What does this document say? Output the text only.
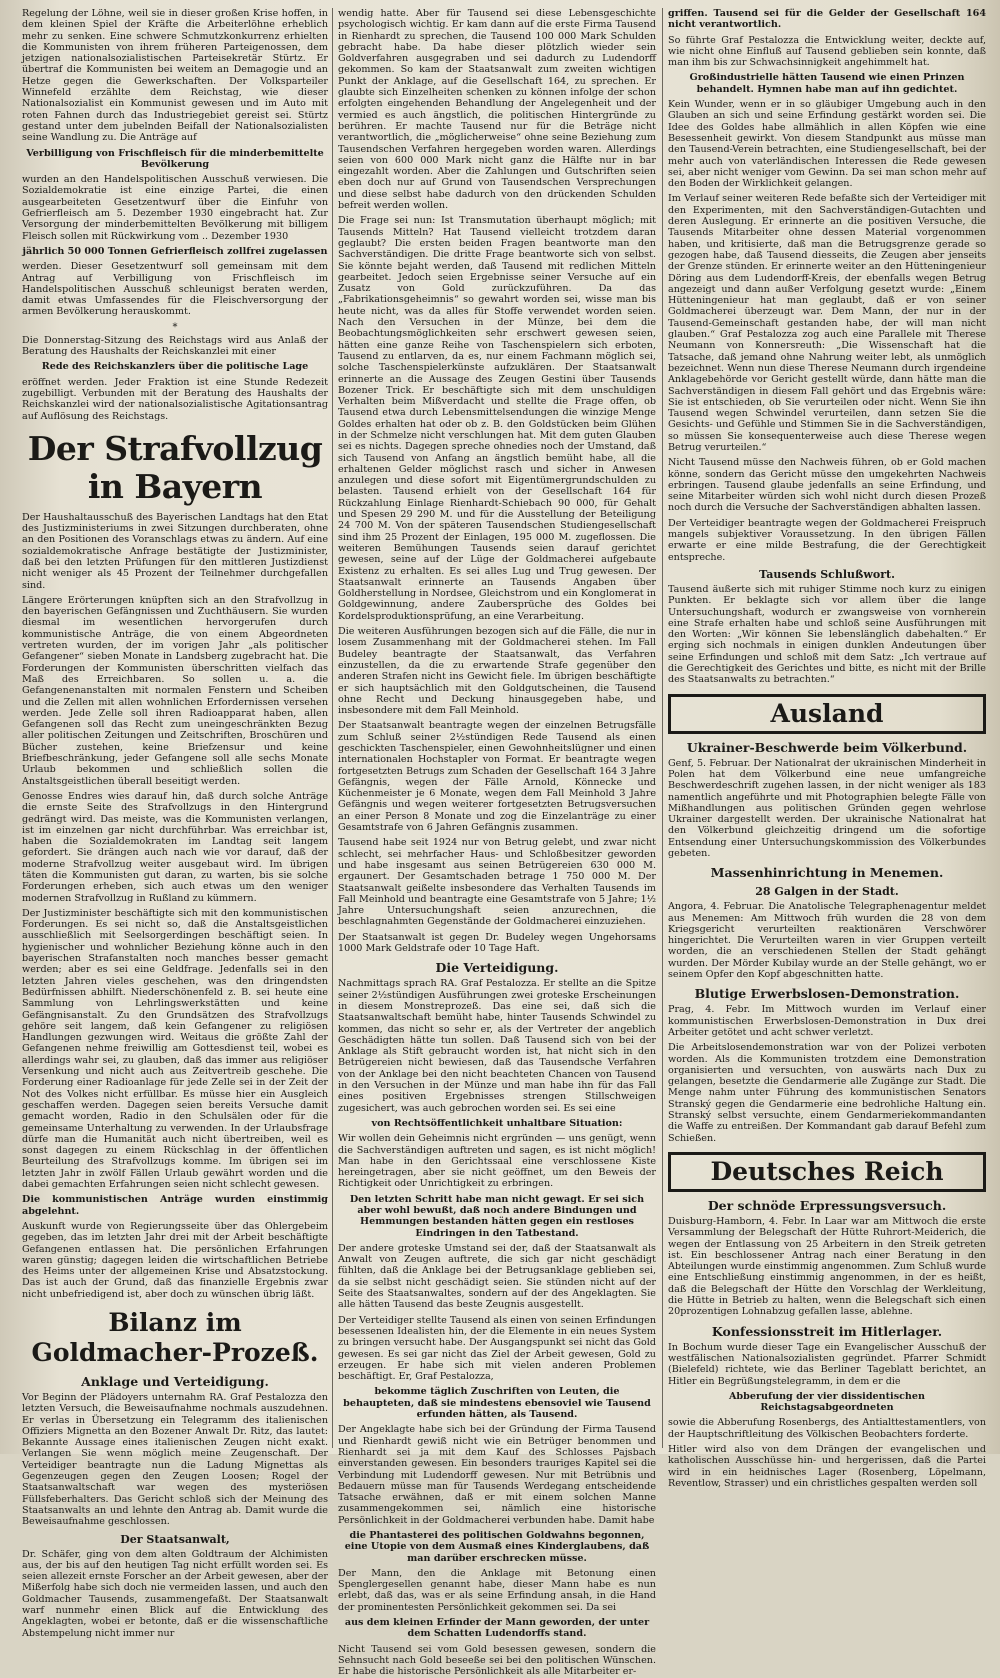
Regelung der Löhne, weil sie in dieser großen Krise hoffen, in dem kleinen Spiel der Kräfte die Arbeiterlöhne erheblich mehr zu senken. Eine schwere Schmutzkonkurrenz erhielten die Kommunisten von ihrem früheren Parteigenossen, dem jetzigen nationalsozialistischen Parteisekretär Stürtz. Er übertraf die Kommunisten bei weitem an Demagogie und an Hetze gegen die Gewerkschaften. Der Volksparteiler Winnefeld erzählte dem Reichstag, wie dieser Nationalsozialist ein Kommunist gewesen und im Auto mit roten Fahnen durch das Industriegebiet gereist sei. Stürtz gestand unter dem jubelnden Beifall der Nationalsozialisten seine Wandlung zu. Die Anträge auf

Verbilligung von Frischfleisch für die minderbemittelte Bevölkerung

wurden an den Handelspolitischen Ausschuß verwiesen. Die Sozialdemokratie ist eine einzige Partei, die einen ausgearbeiteten Gesetzentwurf über die Einfuhr von Gefrierfleisch am 5. Dezember 1930 eingebracht hat. Zur Versorgung der minderbemittelten Bevölkerung mit billigem Fleisch sollen mit Rückwirkung vom .. Dezember 1930

jährlich 50 000 Tonnen Gefrierfleisch zollfrei zugelassen

werden. Dieser Gesetzentwurf soll gemeinsam mit dem Antrag auf Verbilligung von Frischfleisch im Handelspolitischen Ausschuß schleunigst beraten werden, damit etwas Umfassendes für die Fleischversorgung der armen Bevölkerung herauskommt.

*

Die Donnerstag-Sitzung des Reichstags wird aus Anlaß der Beratung des Haushalts der Reichskanzlei mit einer

Rede des Reichskanzlers über die politische Lage

eröffnet werden. Jeder Fraktion ist eine Stunde Redezeit zugebilligt. Verbunden mit der Beratung des Haushalts der Reichskanzlei wird der nationalsozialistische Agitationsantrag auf Auflösung des Reichstags.

Der Strafvollzug in Bayern

Der Haushaltausschuß des Bayerischen Landtags hat den Etat des Justizministeriums in zwei Sitzungen durchberaten, ohne an den Positionen des Voranschlags etwas zu ändern. Auf eine sozialdemokratische Anfrage bestätigte der Justizminister, daß bei den letzten Prüfungen für den mittleren Justizdienst nicht weniger als 45 Prozent der Teilnehmer durchgefallen sind.

Längere Erörterungen knüpften sich an den Strafvollzug in den bayerischen Gefängnissen und Zuchthäusern. Sie wurden diesmal im wesentlichen hervorgerufen durch kommunistische Anträge, die von einem Abgeordneten vertreten wurden, der im vorigen Jahr „als politischer Gefangener“ sieben Monate in Landsberg zugebracht hat. Die Forderungen der Kommunisten überschritten vielfach das Maß des Erreichbaren. So sollen u. a. die Gefangenenanstalten mit normalen Fenstern und Scheiben und die Zellen mit allen wohnlichen Erfordernissen versehen werden. Jede Zelle soll ihren Radioapparat haben, allen Gefangenen soll das Recht zum uneingeschränkten Bezug aller politischen Zeitungen und Zeitschriften, Broschüren und Bücher zustehen, keine Briefzensur und keine Briefbeschränkung, jeder Gefangene soll alle sechs Monate Urlaub bekommen und schließlich sollen die Anstaltsgeistlichen überall beseitigt werden.

Genosse Endres wies darauf hin, daß durch solche Anträge die ernste Seite des Strafvollzugs in den Hintergrund gedrängt wird. Das meiste, was die Kommunisten verlangen, ist im einzelnen gar nicht durchführbar. Was erreichbar ist, haben die Sozialdemokraten im Landtag seit langem gefordert. Sie drängen auch nach wie vor darauf, daß der moderne Strafvollzug weiter ausgebaut wird. Im übrigen täten die Kommunisten gut daran, zu warten, bis sie solche Forderungen erheben, sich auch etwas um den weniger modernen Strafvollzug in Rußland zu kümmern.

Der Justizminister beschäftigte sich mit den kommunistischen Forderungen. Es sei nicht so, daß die Anstaltsgeistlichen ausschließlich mit Seelsorgerdingen beschäftigt seien. In hygienischer und wohnlicher Beziehung könne auch in den bayerischen Strafanstalten noch manches besser gemacht werden; aber es sei eine Geldfrage. Jedenfalls sei in den letzten Jahren vieles geschehen, was den dringendsten Bedürfnissen abhilft. Niederschönenfeld z. B. sei heute eine Sammlung von Lehrlingswerkstätten und keine Gefängnisanstalt. Zu den Grundsätzen des Strafvollzugs gehöre seit langem, daß kein Gefangener zu religiösen Handlungen gezwungen wird. Weitaus die größte Zahl der Gefangenen nehme freiwillig am Gottesdienst teil, wobei es allerdings wahr sei, zu glauben, daß das immer aus religiöser Versenkung und nicht auch aus Zeitvertreib geschehe. Die Forderung einer Radioanlage für jede Zelle sei in der Zeit der Not des Volkes nicht erfüllbar. Es müsse hier ein Ausgleich geschaffen werden. Dagegen seien bereits Versuche damit gemacht worden, Radio in den Schulsälen oder für die gemeinsame Unterhaltung zu verwenden. In der Urlaubsfrage dürfe man die Humanität auch nicht übertreiben, weil es sonst dagegen zu einem Rückschlag in der öffentlichen Beurteilung des Strafvollzugs komme. Im übrigen sei im letzten Jahr in zwölf Fällen Urlaub gewährt worden und die dabei gemachten Erfahrungen seien nicht schlecht gewesen.

Die kommunistischen Anträge wurden einstimmig abgelehnt.

Auskunft wurde von Regierungsseite über das Ohlergebeim gegeben, das im letzten Jahr drei mit der Arbeit beschäftigte Gefangenen entlassen hat. Die persönlichen Erfahrungen waren günstig; dagegen leiden die wirtschaftlichen Betriebe des Heims unter der allgemeinen Krise und Absatzstockung. Das ist auch der Grund, daß das finanzielle Ergebnis zwar nicht unbefriedigend ist, aber doch zu wünschen übrig läßt.

Bilanz im Goldmacher-Prozeß.
Anklage und Verteidigung.

Vor Beginn der Plädoyers unternahm RA. Graf Pestalozza den letzten Versuch, die Beweisaufnahme nochmals auszudehnen. Er verlas in Übersetzung ein Telegramm des italienischen Offiziers Mignetta an den Bozener Anwalt Dr. Ritz, das lautet: Bekannte Aussage eines italienischen Zeugen nicht exakt. Verlangen Sie wenn möglich meine Zeugenschaft. Der Verteidiger beantragte nun die Ladung Mignettas als Gegenzeugen gegen den Zeugen Loosen; Rogel der Staatsanwaltschaft war wegen des mysteriösen Füllsfeberhalters. Das Gericht schloß sich der Meinung des Staatsanwalts an und lehnte den Antrag ab. Damit wurde die Beweisaufnahme geschlossen.

Der Staatsanwalt,

Dr. Schäfer, ging von dem alten Goldtraum der Alchimisten aus, der bis auf den heutigen Tag nicht erfüllt worden sei. Es seien allezeit ernste Forscher an der Arbeit gewesen, aber der Mißerfolg habe sich doch nie vermeiden lassen, und auch den Goldmacher Tausends, zusammengefaßt. Der Staatsanwalt warf nunmehr einen Blick auf die Entwicklung des Angeklagten, wobei er betonte, daß er die wissenschaftliche Abstempelung nicht immer nur

wendig hatte. Aber für Tausend sei diese Lebensgeschichte psychologisch wichtig. Er kam dann auf die erste Firma Tausend in Rienhardt zu sprechen, die Tausend 100 000 Mark Schulden gebracht habe. Da habe dieser plötzlich wieder sein Goldverfahren ausgegraben und sei dadurch zu Ludendorff gekommen. So kam der Staatsanwalt zum zweiten wichtigen Punkt der Anklage, auf die Gesellschaft 164, zu sprechen. Er glaubte sich Einzelheiten schenken zu können infolge der schon erfolgten eingehenden Behandlung der Angelegenheit und der vermied es auch ängstlich, die politischen Hintergründe zu berühren. Er machte Tausend nur für die Beträge nicht verantwortlich, die „möglicherweise“ ohne seine Beziehung zum Tausendschen Verfahren hergegeben worden waren. Allerdings seien von 600 000 Mark nicht ganz die Hälfte nur in bar eingezahlt worden. Aber die Zahlungen und Gutschriften seien eben doch nur auf Grund von Tausendschen Versprechungen und diese selbst habe dadurch von den drückenden Schulden befreit werden wollen.

Die Frage sei nun: Ist Transmutation überhaupt möglich; mit Tausends Mitteln? Hat Tausend vielleicht trotzdem daran geglaubt? Die ersten beiden Fragen beantworte man den Sachverständigen. Die dritte Frage beantworte sich von selbst. Sie könnte bejaht werden, daß Tausend mit redlichen Mitteln gearbeitet. Jedoch seien Ergebnisse seiner Versuche auf ein Zusatz von Gold zurückzuführen. Da das „Fabrikationsgeheimnis“ so gewahrt worden sei, wisse man bis heute nicht, was da alles für Stoffe verwendet worden seien. Nach den Versuchen in der Münze, bei dem die Beobachtungsmöglichkeiten sehr erschwert gewesen seien, hätten eine ganze Reihe von Taschenspielern sich erboten, Tausend zu entlarven, da es, nur einem Fachmann möglich sei, solche Taschenspielerkünste aufzuklären. Der Staatsanwalt erinnerte an die Aussage des Zeugen Gestini über Tausends Bozener Trick. Er beschäftigte sich mit dem unschuldigen Verhalten beim Mißverdacht und stellte die Frage offen, ob Tausend etwa durch Lebensmittelsendungen die winzige Menge Goldes erhalten hat oder ob z. B. den Goldstücken beim Glühen in der Schmelze nicht verschlungen hat. Mit dem guten Glauben sei es nichts. Dagegen spreche ohnedies noch der Umstand, daß sich Tausend von Anfang an ängstlich bemüht habe, all die erhaltenen Gelder möglichst rasch und sicher in Anwesen anzulegen und diese sofort mit Eigentümergrundschulden zu belasten. Tausend erhielt von der Gesellschaft 164 für Rückzahlung Einlage Rienhardt-Schiebach 90 000, für Gehalt und Spesen 29 290 M. und für die Ausstellung der Beteiligung 24 700 M. Von der späteren Tausendschen Studiengesellschaft sind ihm 25 Prozent der Einlagen, 195 000 M. zugeflossen. Die weiteren Bemühungen Tausends seien darauf gerichtet gewesen, seine auf der Lüge der Goldmacherei aufgebaute Existenz zu erhalten. Es sei alles Lug und Trug gewesen. Der Staatsanwalt erinnerte an Tausends Angaben über Goldherstellung in Nordsee, Gleichstrom und ein Konglomerat in Goldgewinnung, andere Zaubersprüche des Goldes bei Kordelsproduktionsprüfung, an eine Verarbeitung.

Die weiteren Ausführungen bezogen sich auf die Fälle, die nur in losem Zusammenhang mit der Goldmacherei stehen. Im Fall Budeley beantragte der Staatsanwalt, das Verfahren einzustellen, da die zu erwartende Strafe gegenüber den anderen Strafen nicht ins Gewicht fiele. Im übrigen beschäftigte er sich hauptsächlich mit den Goldgutscheinen, die Tausend ohne Recht und Deckung hinausgegeben habe, und insbesondere mit dem Fall Meinhold.

Der Staatsanwalt beantragte wegen der einzelnen Betrugsfälle zum Schluß seiner 2½stündigen Rede Tausend als einen geschickten Taschenspieler, einen Gewohnheitslügner und einen internationalen Hochstapler von Format. Er beantragte wegen fortgesetzten Betrugs zum Schaden der Gesellschaft 164 3 Jahre Gefängnis, wegen der Fälle Arnold, Könnecke und Küchenmeister je 6 Monate, wegen dem Fall Meinhold 3 Jahre Gefängnis und wegen weiterer fortgesetzten Betrugsversuchen an einer Person 8 Monate und zog die Einzelanträge zu einer Gesamtstrafe von 6 Jahren Gefängnis zusammen.

Tausend habe seit 1924 nur von Betrug gelebt, und zwar nicht schlecht, sei mehrfacher Haus- und Schloßbesitzer geworden und habe insgesamt aus seinen Betrügereien 630 000 M. ergaunert. Der Gesamtschaden betrage 1 750 000 M. Der Staatsanwalt geißelte insbesondere das Verhalten Tausends im Fall Meinhold und beantragte eine Gesamtstrafe von 5 Jahre; 1½ Jahre Untersuchungshaft seien anzurechnen, die beschlagnahmten Gegenstände der Goldmacherei einzuziehen.

Der Staatsanwalt ist gegen Dr. Budeley wegen Ungehorsams 1000 Mark Geldstrafe oder 10 Tage Haft.

Die Verteidigung.

Nachmittags sprach RA. Graf Pestalozza. Er stellte an die Spitze seiner 2½stündigen Ausführungen zwei groteske Erscheinungen in diesem Monstreprozeß. Das eine sei, daß sich die Staatsanwaltschaft bemüht habe, hinter Tausends Schwindel zu kommen, das nicht so sehr er, als der Vertreter der angeblich Geschädigten hätte tun sollen. Daß Tausend sich von bei der Anklage als Stift gebraucht worden ist, hat nicht sich in den Betrügereien nicht bewiesen, daß das Tausendsche Verfahren von der Anklage bei den nicht beachteten Chancen von Tausend in den Versuchen in der Münze und man habe ihn für das Fall eines positiven Ergebnisses strengen Stillschweigen zugesichert, was auch gebrochen worden sei. Es sei eine

von Rechtsöffentlichkeit unhaltbare Situation:

Wir wollen dein Geheimnis nicht ergründen — uns genügt, wenn die Sachverständigen auftreten und sagen, es ist nicht möglich! Man habe in den Gerichtssaal eine verschlossene Kiste hereingetragen, aber sie nicht geöffnet, um den Beweis der Richtigkeit oder Unrichtigkeit zu erbringen.

Den letzten Schritt habe man nicht gewagt. Er sei sich aber wohl bewußt, daß noch andere Bindungen und Hemmungen bestanden hätten gegen ein restloses Eindringen in den Tatbestand.

Der andere groteske Umstand sei der, daß der Staatsanwalt als Anwalt von Zeugen auftrete, die sich gar nicht geschädigt fühlten, daß die Anklage bei der Betrugsanklage geblieben sei, da sie selbst nicht geschädigt seien. Sie stünden nicht auf der Seite des Staatsanwaltes, sondern auf der des Angeklagten. Sie alle hätten Tausend das beste Zeugnis ausgestellt.

Der Verteidiger stellte Tausend als einen von seinen Erfindungen besessenen Idealisten hin, der die Elemente in ein neues System zu bringen versucht habe. Der Ausgangspunkt sei nicht das Gold gewesen. Es sei gar nicht das Ziel der Arbeit gewesen, Gold zu erzeugen. Er habe sich mit vielen anderen Problemen beschäftigt. Er, Graf Pestalozza,

bekomme täglich Zuschriften von Leuten, die behaupteten, daß sie mindestens ebensoviel wie Tausend erfunden hätten, als Tausend.

Der Angeklagte habe sich bei der Gründung der Firma Tausend und Rienhardt gewiß nicht wie ein Betrüger benommen und Rienhardt sei ja mit dem Kauf des Schlosses Pajsbach einverstanden gewesen. Ein besonders trauriges Kapitel sei die Verbindung mit Ludendorff gewesen. Nur mit Betrübnis und Bedauern müsse man für Tausends Werdegang entscheidende Tatsache erwähnen, daß er mit einem solchen Manne zusammengekommen sei, nämlich eine historische Persönlichkeit in der Goldmacherei verbunden habe. Damit habe

die Phantasterei des politischen Goldwahns begonnen, eine Utopie von dem Ausmaß eines Kinderglaubens, daß man darüber erschrecken müsse.

Der Mann, den die Anklage mit Betonung einen Spenglergesellen genannt habe, dieser Mann habe es nun erlebt, daß das, was er als seine Erfindung ansah, in die Hand der prominentesten Persönlichkeit gekommen sei. Da sei

aus dem kleinen Erfinder der Mann geworden, der unter dem Schatten Ludendorffs stand.

Nicht Tausend sei vom Gold besessen gewesen, sondern die Sehnsucht nach Gold beseeße sei bei den politischen Wünschen. Er habe die historische Persönlichkeit als alle Mitarbeiter er-

griffen. Tausend sei für die Gelder der Gesellschaft 164 nicht verantwortlich.

So führte Graf Pestalozza die Entwicklung weiter, deckte auf, wie nicht ohne Einfluß auf Tausend geblieben sein konnte, daß man ihm bis zur Schwachsinnigkeit angehimmelt hat.

Großindustrielle hätten Tausend wie einen Prinzen behandelt. Hymnen habe man auf ihn gedichtet.

Kein Wunder, wenn er in so gläubiger Umgebung auch in den Glauben an sich und seine Erfindung gestärkt worden sei. Die Idee des Goldes habe allmählich in allen Köpfen wie eine Besessenheit gewirkt. Von diesem Standpunkt aus müsse man den Tausend-Verein betrachten, eine Studiengesellschaft, bei der mehr auch von vaterländischen Interessen die Rede gewesen sei, aber nicht weniger vom Gewinn. Da sei man schon mehr auf den Boden der Wirklichkeit gelangen.

Im Verlauf seiner weiteren Rede befaßte sich der Verteidiger mit den Experimenten, mit den Sachverständigen-Gutachten und deren Auslegung. Er erinnerte an die positiven Versuche, die Tausends Mitarbeiter ohne dessen Material vorgenommen haben, und kritisierte, daß man die Betrugsgrenze gerade so gezogen habe, daß Tausend diesseits, die Zeugen aber jenseits der Grenze stünden. Er erinnerte weiter an den Hütteningenieur Döring aus dem Ludendorff-Kreis, der ebenfalls wegen Betrug angezeigt und dann außer Verfolgung gesetzt wurde: „Einem Hütteningenieur hat man geglaubt, daß er von seiner Goldmacherei überzeugt war. Dem Mann, der nur in der Tausend-Gemeinschaft gestanden habe, der will man nicht glauben.“ Graf Pestalozza zog auch eine Parallele mit Therese Neumann von Konnersreuth: „Die Wissenschaft hat die Tatsache, daß jemand ohne Nahrung weiter lebt, als unmöglich bezeichnet. Wenn nun diese Therese Neumann durch irgendeine Anklagebehörde vor Gericht gestellt würde, dann hätte man die Sachverständigen in diesem Fall gehört und das Ergebnis wäre: Sie ist entschieden, ob Sie verurteilen oder nicht. Wenn Sie ihn Tausend wegen Schwindel verurteilen, dann setzen Sie die Gesichts- und Gefühle und Stimmen Sie in die Sachverständigen, so müssen Sie konsequenterweise auch diese Therese wegen Betrug verurteilen.“

Nicht Tausend müsse den Nachweis führen, ob er Gold machen könne, sondern das Gericht müsse den umgekehrten Nachweis erbringen. Tausend glaube jedenfalls an seine Erfindung, und seine Mitarbeiter würden sich wohl nicht durch diesen Prozeß noch durch die Versuche der Sachverständigen abhalten lassen.

Der Verteidiger beantragte wegen der Goldmacherei Freispruch mangels subjektiver Voraussetzung. In den übrigen Fällen erwarte er eine milde Bestrafung, die der Gerechtigkeit entspreche.

Tausends Schlußwort.

Tausend äußerte sich mit ruhiger Stimme noch kurz zu einigen Punkten. Er beklagte sich vor allem über die lange Untersuchungshaft, wodurch er zwangsweise von vornherein eine Strafe erhalten habe und schloß seine Ausführungen mit den Worten: „Wir können Sie lebenslänglich dabehalten.“ Er erging sich nochmals in einigen dunklen Andeutungen über seine Erfindungen und schloß mit dem Satz: „Ich vertraue auf die Gerechtigkeit des Gerichtes und bitte, es nicht mit der Brille des Staatsanwalts zu betrachten.“

Ausland
Ukrainer-Beschwerde beim Völkerbund.

Genf, 5. Februar. Der Nationalrat der ukrainischen Minderheit in Polen hat dem Völkerbund eine neue umfangreiche Beschwerdeschrift zugehen lassen, in der nicht weniger als 183 namentlich angeführte und mit Photographien belegte Fälle von Mißhandlungen aus politischen Gründen gegen wehrlose Ukrainer dargestellt werden. Der ukrainische Nationalrat hat den Völkerbund gleichzeitig dringend um die sofortige Entsendung einer Untersuchungskommission des Völkerbundes gebeten.

Massenhinrichtung in Menemen.
28 Galgen in der Stadt.

Angora, 4. Februar. Die Anatolische Telegraphenagentur meldet aus Menemen: Am Mittwoch früh wurden die 28 von dem Kriegsgericht verurteilten reaktionären Verschwörer hingerichtet. Die Verurteilten waren in vier Gruppen verteilt worden, die an verschiedenen Stellen der Stadt gehängt wurden. Der Mörder Kubilay wurde an der Stelle gehängt, wo er seinem Opfer den Kopf abgeschnitten hatte.

Blutige Erwerbslosen-Demonstration.

Prag, 4. Febr. Im Mittwoch wurden im Verlauf einer kommunistischen Erwerbslosen-Demonstration in Dux drei Arbeiter getötet und acht schwer verletzt.

Die Arbeitslosendemonstration war von der Polizei verboten worden. Als die Kommunisten trotzdem eine Demonstration organisierten und versuchten, von auswärts nach Dux zu gelangen, besetzte die Gendarmerie alle Zugänge zur Stadt. Die Menge nahm unter Führung des kommunistischen Senators Stranský gegen die Gendarmerie eine bedrohliche Haltung ein. Stranský selbst versuchte, einem Gendarmeriekommandanten die Waffe zu entreißen. Der Kommandant gab darauf Befehl zum Schießen.

Deutsches Reich
Der schnöde Erpressungsversuch.

Duisburg-Hamborn, 4. Febr. In Laar war am Mittwoch die erste Versammlung der Belegschaft der Hütte Ruhrort-Meiderich, die wegen der Entlassung von 25 Arbeitern in den Streik getreten ist. Ein beschlossener Antrag nach einer Beratung in den Abteilungen wurde einstimmig angenommen. Zum Schluß wurde eine Entschließung einstimmig angenommen, in der es heißt, daß die Belegschaft der Hütte den Vorschlag der Werkleitung, die Hütte in Betrieb zu halten, wenn die Belegschaft sich einen 20prozentigen Lohnabzug gefallen lasse, ablehne.

Konfessionsstreit im Hitlerlager.

In Bochum wurde dieser Tage ein Evangelischer Ausschuß der westfälischen Nationalsozialisten gegründet. Pfarrer Schmidt (Bielefeld) richtete, wie das Berliner Tageblatt berichtet, an Hitler ein Begrüßungstelegramm, in dem er die

Abberufung der vier dissidentischen Reichstagsabgeordneten

sowie die Abberufung Rosenbergs, des Antialttestamentlers, von der Hauptschriftleitung des Völkischen Beobachters forderte.

Hitler wird also von dem Drängen der evangelischen und katholischen Ausschüsse hin- und hergerissen, daß die Partei wird in ein heidnisches Lager (Rosenberg, Löpelmann, Reventlow, Strasser) und ein christliches gespalten werden soll
